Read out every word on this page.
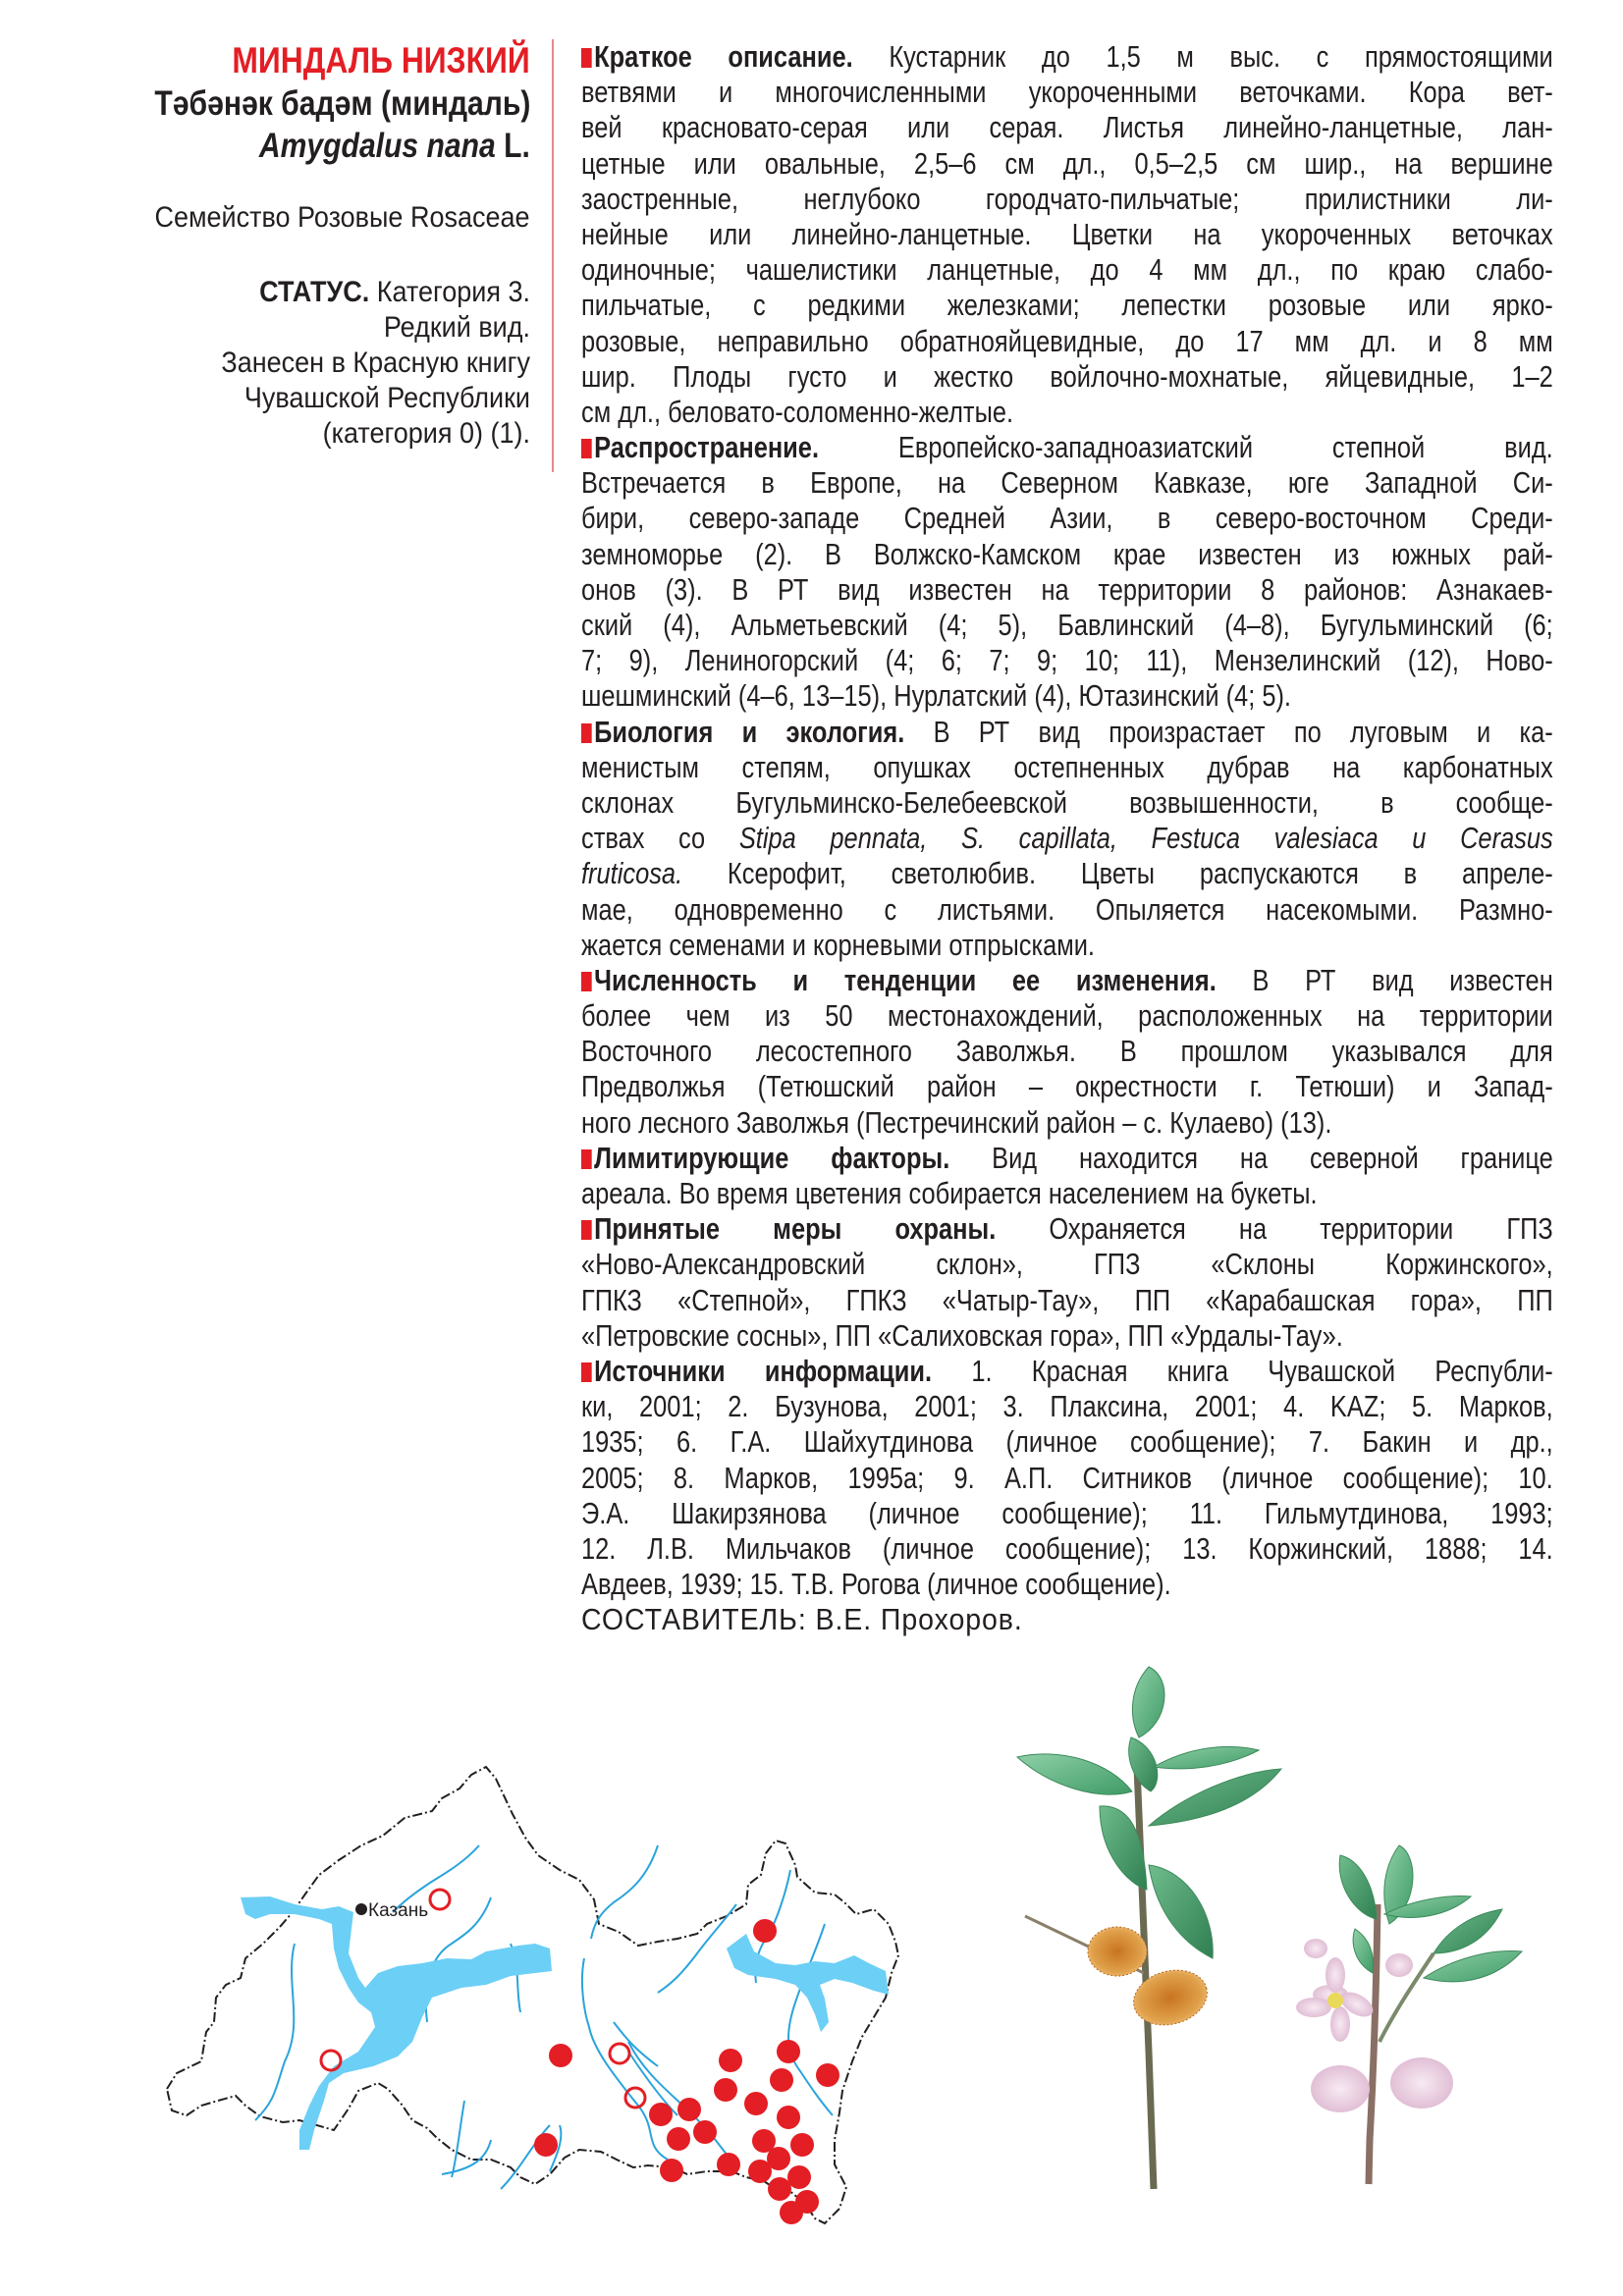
МИНДАЛЬ НИЗКИЙ
Тәбәнәк бадәм (миндаль)
Amygdalus nana L.
Семейство Розовые Rosaceae
СТАТУС. Категория 3.
Редкий вид.
Занесен в Красную книгу
Чувашской Республики
(категория 0) (1).
Краткое описание. Кустарник до 1,5 м выс. с прямостоящими
ветвями и многочисленными укороченными веточками. Кора вет-
вей красновато-серая или серая. Листья линейно-ланцетные, лан-
цетные или овальные, 2,5–6 см дл., 0,5–2,5 см шир., на вершине
заостренные, неглубоко городчато-пильчатые; прилистники ли-
нейные или линейно-ланцетные. Цветки на укороченных веточках
одиночные; чашелистики ланцетные, до 4 мм дл., по краю слабо-
пильчатые, с редкими железками; лепестки розовые или ярко-
розовые, неправильно обратнояйцевидные, до 17 мм дл. и 8 мм
шир. Плоды густо и жестко войлочно-мохнатые, яйцевидные, 1–2
см дл., беловато-соломенно-желтые.
Распространение. Европейско-западноазиатский степной вид.
Встречается в Европе, на Северном Кавказе, юге Западной Си-
бири, северо-западе Средней Азии, в северо-восточном Среди-
земноморье (2). В Волжско-Камском крае известен из южных рай-
онов (3). В РТ вид известен на территории 8 районов: Азнакаев-
ский (4), Альметьевский (4; 5), Бавлинский (4–8), Бугульминский (6;
7; 9), Лениногорский (4; 6; 7; 9; 10; 11), Мензелинский (12), Ново-
шешминский (4–6, 13–15), Нурлатский (4), Ютазинский (4; 5).
Биология и экология. В РТ вид произрастает по луговым и ка-
менистым степям, опушках остепненных дубрав на карбонатных
склонах Бугульминско-Белебеевской возвышенности, в сообще-
ствах со Stipa pennata, S. capillata, Festuca valesiaca u Cerasus
fruticosa. Ксерофит, светолюбив. Цветы распускаются в апреле-
мае, одновременно с листьями. Опыляется насекомыми. Размно-
жается семенами и корневыми отпрысками.
Численность и тенденции ее изменения. В РТ вид известен
более чем из 50 местонахождений, расположенных на территории
Восточного лесостепного Заволжья. В прошлом указывался для
Предволжья (Тетюшский район – окрестности г. Тетюши) и Запад-
ного лесного Заволжья (Пестречинский район – с. Кулаево) (13).
Лимитирующие факторы. Вид находится на северной границе
ареала. Во время цветения собирается населением на букеты.
Принятые меры охраны. Охраняется на территории ГПЗ
«Ново-Александровский склон», ГПЗ «Склоны Коржинского»,
ГПКЗ «Степной», ГПКЗ «Чатыр-Тау», ПП «Карабашская гора», ПП
«Петровские сосны», ПП «Салиховская гора», ПП «Урдалы-Тау».
Источники информации. 1. Красная книга Чувашской Республи-
ки, 2001; 2. Бузунова, 2001; 3. Плаксина, 2001; 4. KAZ; 5. Марков,
1935; 6. Г.А. Шайхутдинова (личное сообщение); 7. Бакин и др.,
2005; 8. Марков, 1995а; 9. А.П. Ситников (личное сообщение); 10.
Э.А. Шакирзянова (личное сообщение); 11. Гильмутдинова, 1993;
12. Л.В. Мильчаков (личное сообщение); 13. Коржинский, 1888; 14.
Авдеев, 1939; 15. Т.В. Рогова (личное сообщение).
СОСТАВИТЕЛЬ: В.Е. Прохоров.
Казань
